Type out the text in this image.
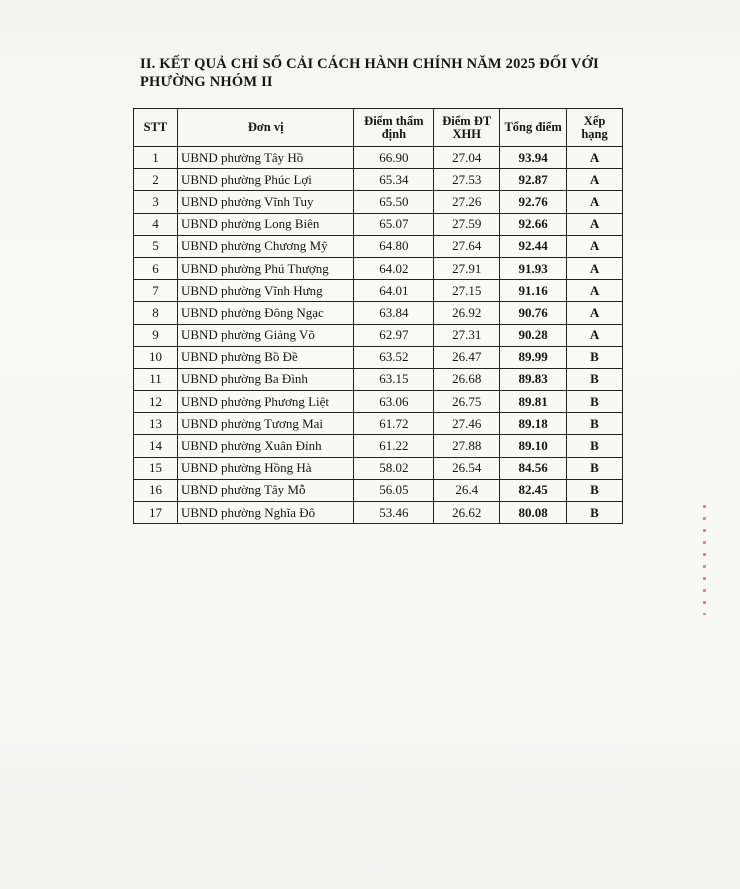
II. KẾT QUẢ CHỈ SỐ CẢI CÁCH HÀNH CHÍNH NĂM 2025 ĐỐI VỚI PHƯỜNG NHÓM II
STT	Đơn vị	Điểm thẩm định	Điểm ĐT XHH	Tổng điểm	Xếp hạng
1	UBND phường Tây Hồ	66.90	27.04	93.94	A
2	UBND phường Phúc Lợi	65.34	27.53	92.87	A
3	UBND phường Vĩnh Tuy	65.50	27.26	92.76	A
4	UBND phường Long Biên	65.07	27.59	92.66	A
5	UBND phường Chương Mỹ	64.80	27.64	92.44	A
6	UBND phường Phú Thượng	64.02	27.91	91.93	A
7	UBND phường Vĩnh Hưng	64.01	27.15	91.16	A
8	UBND phường Đông Ngạc	63.84	26.92	90.76	A
9	UBND phường Giảng Võ	62.97	27.31	90.28	A
10	UBND phường Bồ Đề	63.52	26.47	89.99	B
11	UBND phường Ba Đình	63.15	26.68	89.83	B
12	UBND phường Phương Liệt	63.06	26.75	89.81	B
13	UBND phường Tương Mai	61.72	27.46	89.18	B
14	UBND phường Xuân Đỉnh	61.22	27.88	89.10	B
15	UBND phường Hồng Hà	58.02	26.54	84.56	B
16	UBND phường Tây Mỗ	56.05	26.4	82.45	B
17	UBND phường Nghĩa Đô	53.46	26.62	80.08	B
